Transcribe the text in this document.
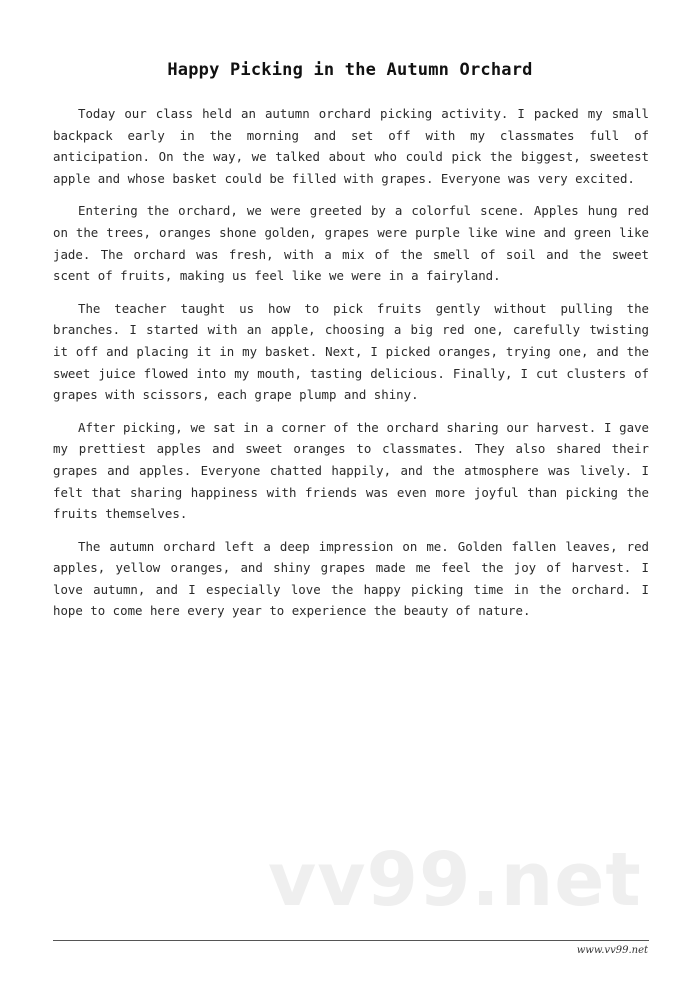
Happy Picking in the Autumn Orchard

Today our class held an autumn orchard picking activity. I packed my small backpack early in the morning and set off with my classmates full of anticipation. On the way, we talked about who could pick the biggest, sweetest apple and whose basket could be filled with grapes. Everyone was very excited.

Entering the orchard, we were greeted by a colorful scene. Apples hung red on the trees, oranges shone golden, grapes were purple like wine and green like jade. The orchard was fresh, with a mix of the smell of soil and the sweet scent of fruits, making us feel like we were in a fairyland.

The teacher taught us how to pick fruits gently without pulling the branches. I started with an apple, choosing a big red one, carefully twisting it off and placing it in my basket. Next, I picked oranges, trying one, and the sweet juice flowed into my mouth, tasting delicious. Finally, I cut clusters of grapes with scissors, each grape plump and shiny.

After picking, we sat in a corner of the orchard sharing our harvest. I gave my prettiest apples and sweet oranges to classmates. They also shared their grapes and apples. Everyone chatted happily, and the atmosphere was lively. I felt that sharing happiness with friends was even more joyful than picking the fruits themselves.

The autumn orchard left a deep impression on me. Golden fallen leaves, red apples, yellow oranges, and shiny grapes made me feel the joy of harvest. I love autumn, and I especially love the happy picking time in the orchard. I hope to come here every year to experience the beauty of nature.

vv99.net
www.vv99.net
